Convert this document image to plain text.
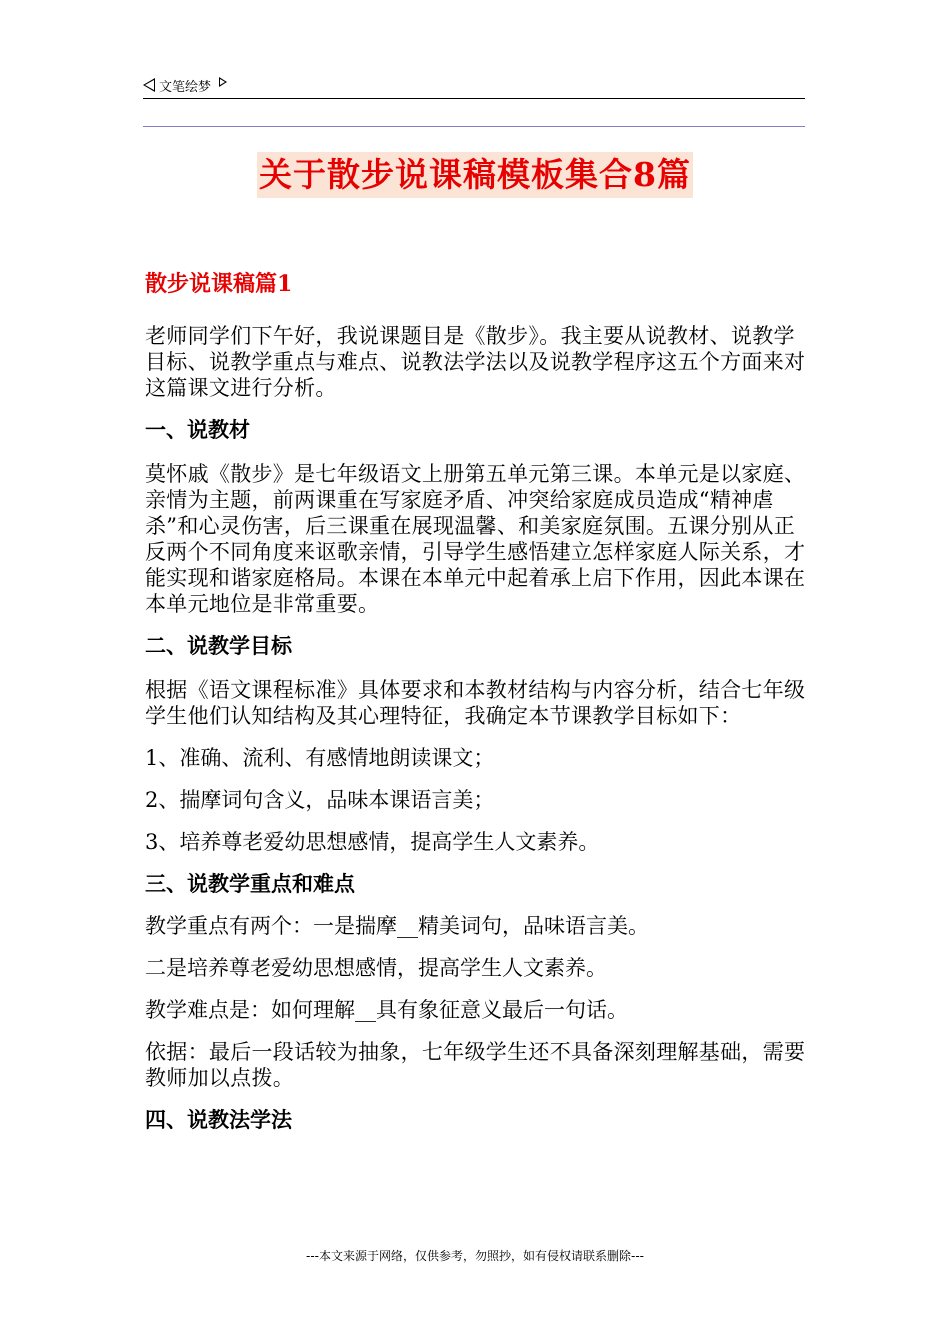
文笔绘梦
关于散步说课稿模板集合8篇
散步说课稿篇1
老师同学们下午好，我说课题目是《散步》。我主要从说教材、说教学目标、说教学重点与难点、说教法学法以及说教学程序这五个方面来对这篇课文进行分析。
一、说教材
莫怀戚《散步》是七年级语文上册第五单元第三课。本单元是以家庭、亲情为主题，前两课重在写家庭矛盾、冲突给家庭成员造成“精神虐杀”和心灵伤害，后三课重在展现温馨、和美家庭氛围。五课分别从正反两个不同角度来讴歌亲情，引导学生感悟建立怎样家庭人际关系，才能实现和谐家庭格局。本课在本单元中起着承上启下作用，因此本课在本单元地位是非常重要。
二、说教学目标
根据《语文课程标准》具体要求和本教材结构与内容分析，结合七年级学生他们认知结构及其心理特征，我确定本节课教学目标如下：
1、准确、流利、有感情地朗读课文；
2、揣摩词句含义，品味本课语言美；
3、培养尊老爱幼思想感情，提高学生人文素养。
三、说教学重点和难点
教学重点有两个：一是揣摩__精美词句，品味语言美。
二是培养尊老爱幼思想感情，提高学生人文素养。
教学难点是：如何理解__具有象征意义最后一句话。
依据：最后一段话较为抽象，七年级学生还不具备深刻理解基础，需要教师加以点拨。
四、说教法学法
---本文来源于网络，仅供参考，勿照抄，如有侵权请联系删除---
